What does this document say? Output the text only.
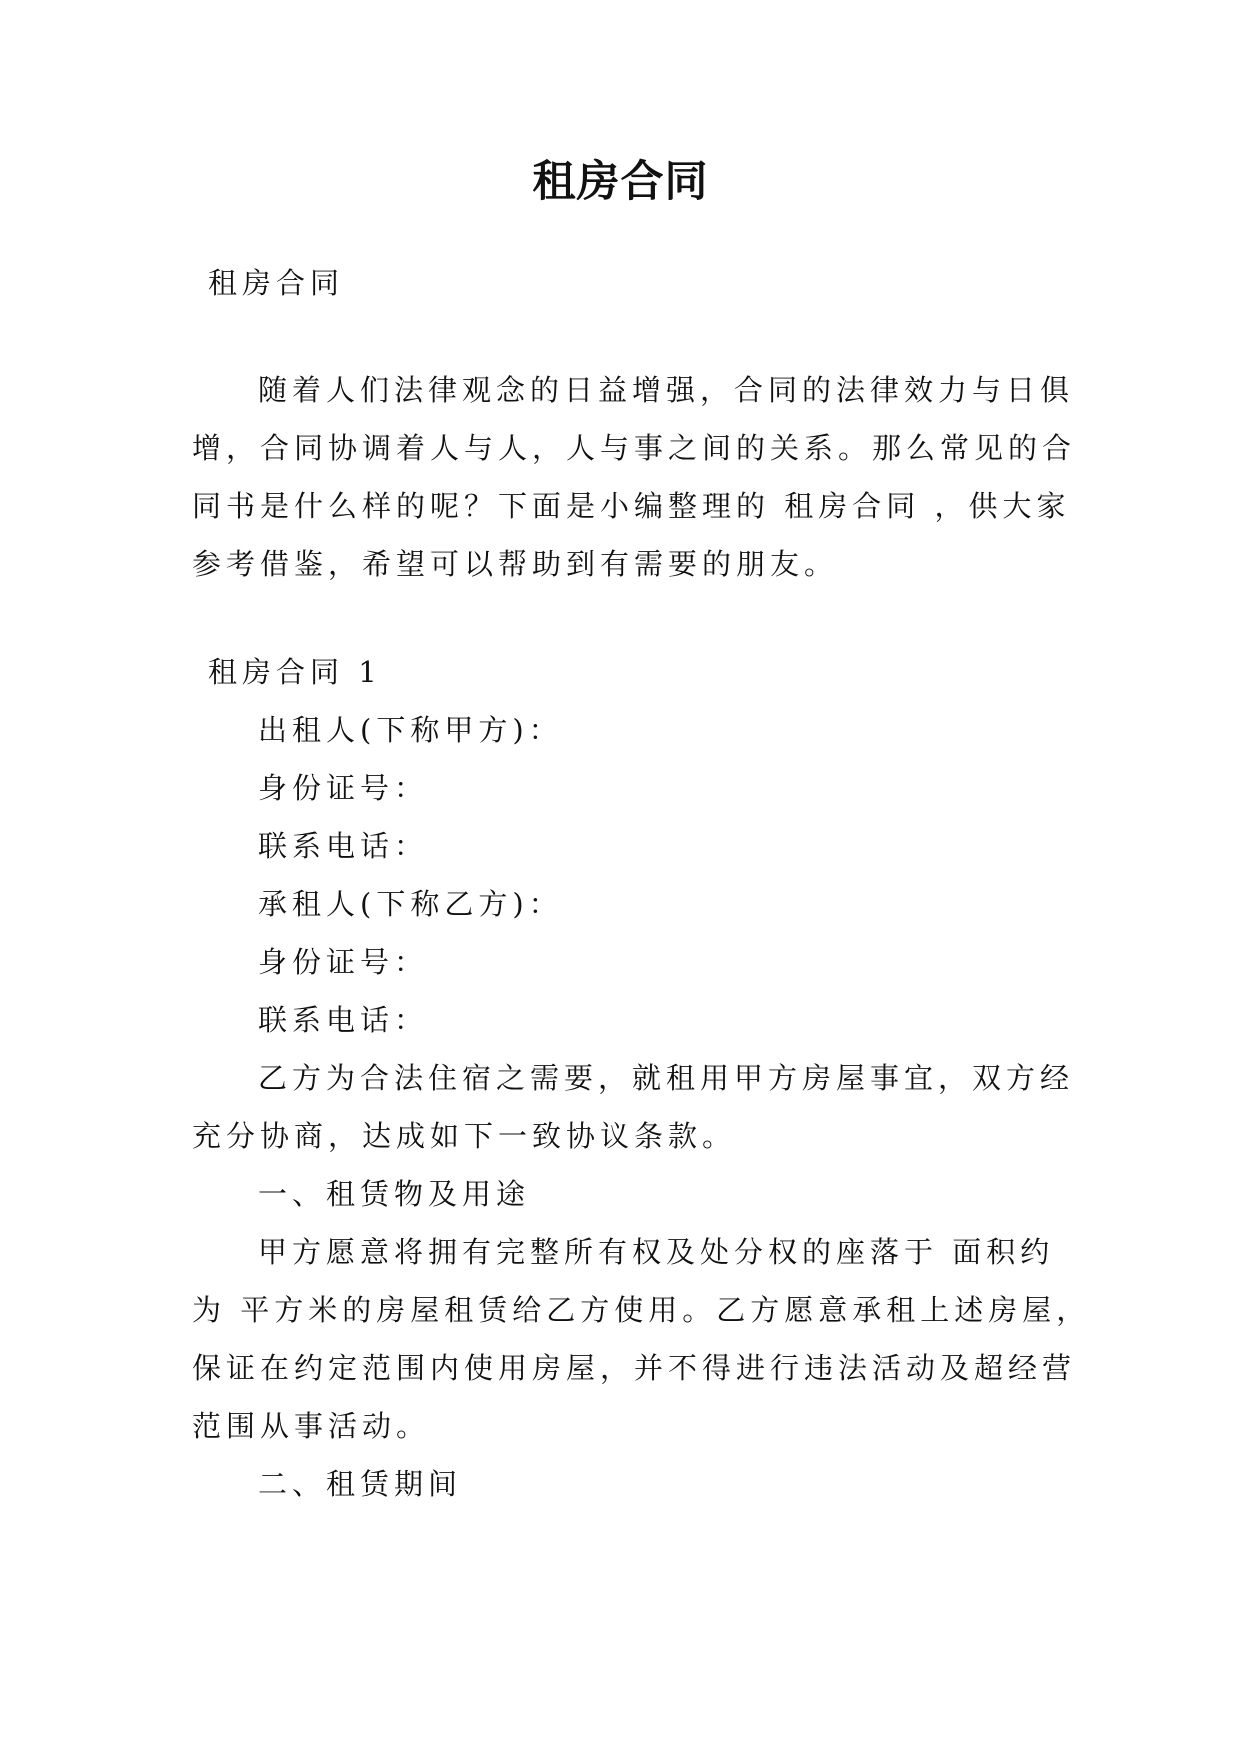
租房合同
租房合同
随着人们法律观念的日益增强，合同的法律效力与日俱
增，合同协调着人与人，人与事之间的关系。那么常见的合
同书是什么样的呢？下面是小编整理的 租房合同 ，供大家
参考借鉴，希望可以帮助到有需要的朋友。
租房合同 1
出租人(下称甲方)：
身份证号：
联系电话：
承租人(下称乙方)：
身份证号：
联系电话：
乙方为合法住宿之需要，就租用甲方房屋事宜，双方经
充分协商，达成如下一致协议条款。
一、租赁物及用途
甲方愿意将拥有完整所有权及处分权的座落于 面积约
为 平方米的房屋租赁给乙方使用。乙方愿意承租上述房屋，
保证在约定范围内使用房屋，并不得进行违法活动及超经营
范围从事活动。
二、租赁期间
